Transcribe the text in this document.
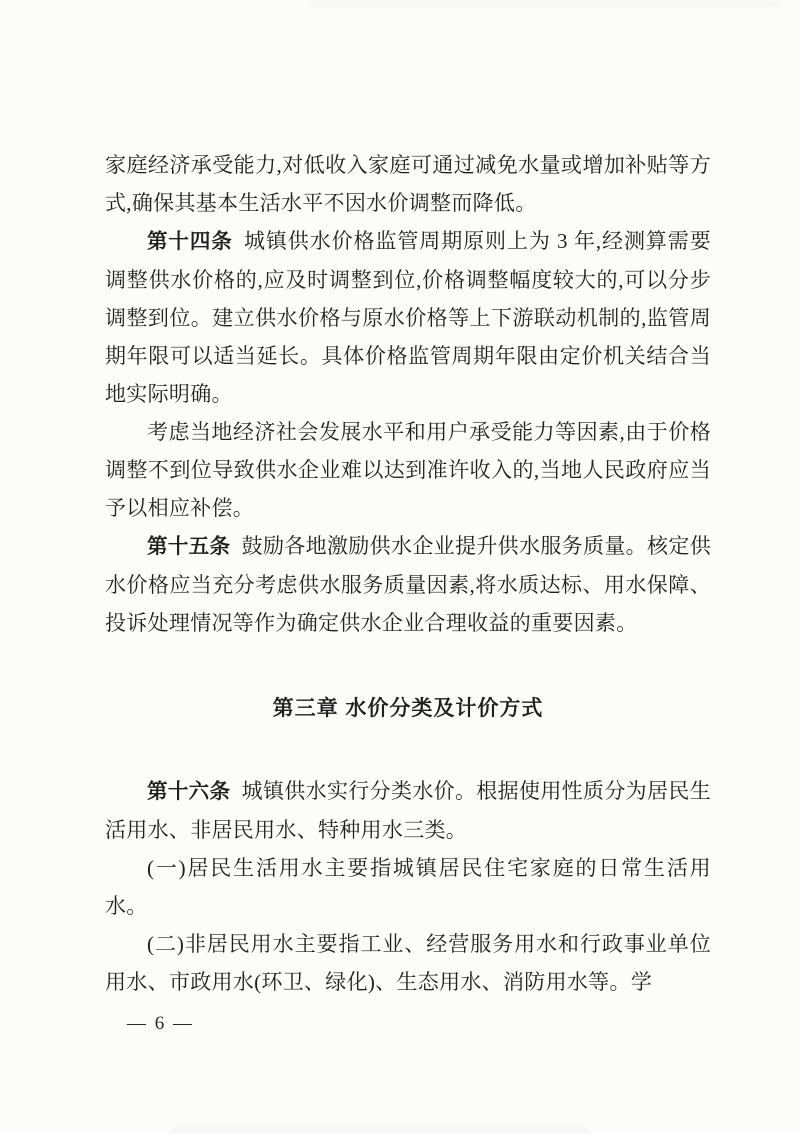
家庭经济承受能力,对低收入家庭可通过减免水量或增加补贴等方式,确保其基本生活水平不因水价调整而降低。

第十四条 城镇供水价格监管周期原则上为 3 年,经测算需要调整供水价格的,应及时调整到位,价格调整幅度较大的,可以分步调整到位。建立供水价格与原水价格等上下游联动机制的,监管周期年限可以适当延长。具体价格监管周期年限由定价机关结合当地实际明确。

考虑当地经济社会发展水平和用户承受能力等因素,由于价格调整不到位导致供水企业难以达到准许收入的,当地人民政府应当予以相应补偿。

第十五条 鼓励各地激励供水企业提升供水服务质量。核定供水价格应当充分考虑供水服务质量因素,将水质达标、用水保障、投诉处理情况等作为确定供水企业合理收益的重要因素。

第三章 水价分类及计价方式

第十六条 城镇供水实行分类水价。根据使用性质分为居民生活用水、非居民用水、特种用水三类。

(一)居民生活用水主要指城镇居民住宅家庭的日常生活用水。

(二)非居民用水主要指工业、经营服务用水和行政事业单位用水、市政用水(环卫、绿化)、生态用水、消防用水等。学

— 6 —
